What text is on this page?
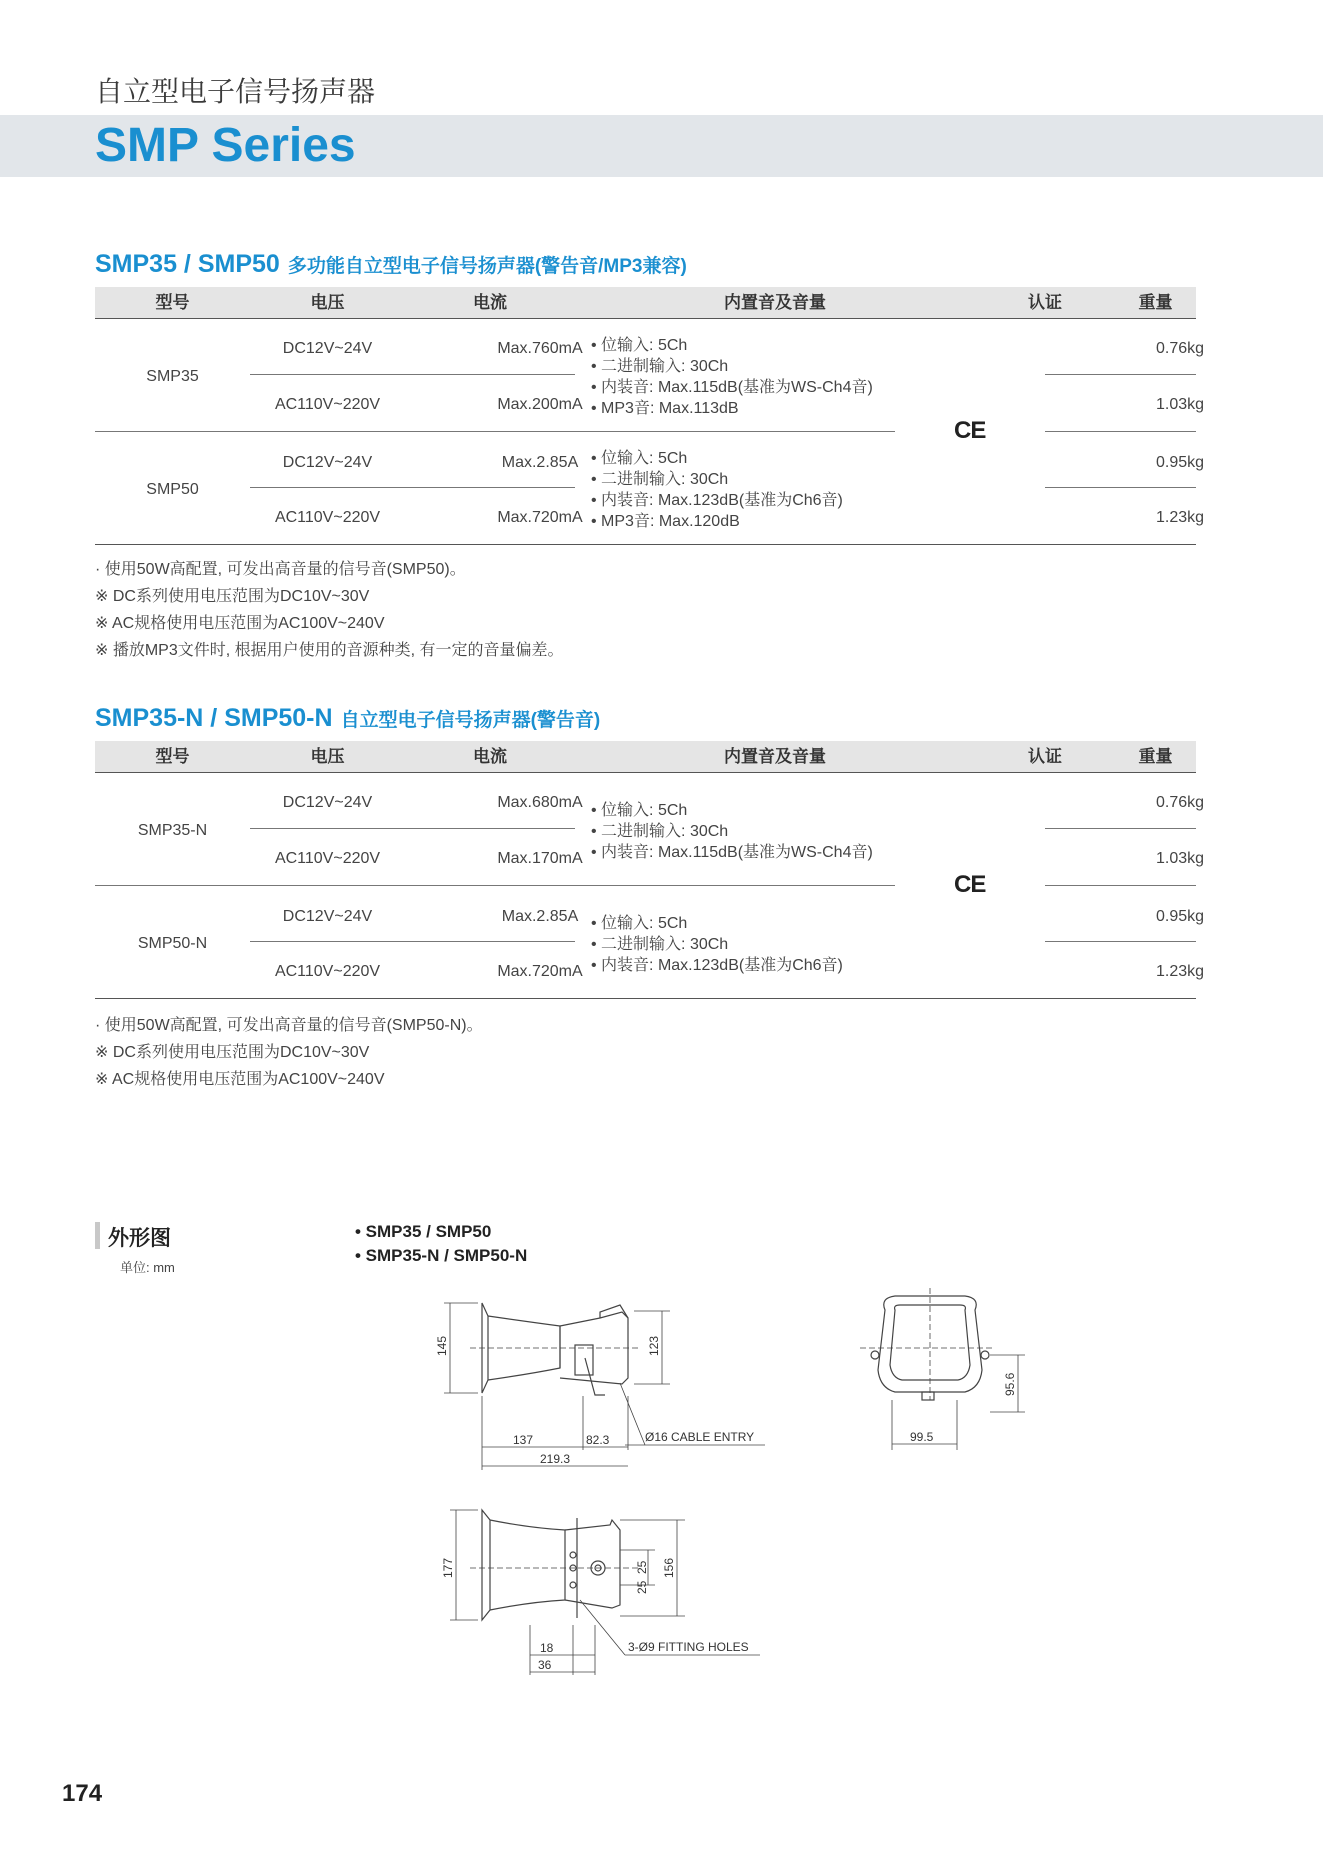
自立型电子信号扬声器
SMP Series
SMP35 / SMP50 多功能自立型电子信号扬声器(警告音/MP3兼容)
型号	电压	电流	内置音及音量	认证	重量
SMP35
DC12V~24V	Max.760mA	0.76kg
AC110V~220V	Max.200mA	1.03kg
• 位输入: 5Ch
• 二进制输入: 30Ch
• 内装音: Max.115dB(基准为WS-Ch4音)
• MP3音: Max.113dB
SMP50
DC12V~24V	Max.2.85A	0.95kg
AC110V~220V	Max.720mA	1.23kg
• 位输入: 5Ch
• 二进制输入: 30Ch
• 内装音: Max.123dB(基准为Ch6音)
• MP3音: Max.120dB
CE
· 使用50W高配置, 可发出高音量的信号音(SMP50)。
※ DC系列使用电压范围为DC10V~30V
※ AC规格使用电压范围为AC100V~240V
※ 播放MP3文件时, 根据用户使用的音源种类, 有一定的音量偏差。
SMP35-N / SMP50-N 自立型电子信号扬声器(警告音)
型号	电压	电流	内置音及音量	认证	重量
SMP35-N
DC12V~24V	Max.680mA	0.76kg
AC110V~220V	Max.170mA	1.03kg
• 位输入: 5Ch
• 二进制输入: 30Ch
• 内装音: Max.115dB(基准为WS-Ch4音)
SMP50-N
DC12V~24V	Max.2.85A	0.95kg
AC110V~220V	Max.720mA	1.23kg
• 位输入: 5Ch
• 二进制输入: 30Ch
• 内装音: Max.123dB(基准为Ch6音)
CE
· 使用50W高配置, 可发出高音量的信号音(SMP50-N)。
※ DC系列使用电压范围为DC10V~30V
※ AC规格使用电压范围为AC100V~240V
外形图
单位: mm
• SMP35 / SMP50
• SMP35-N / SMP50-N
145	123
137	82.3
219.3
Ø16 CABLE ENTRY
95.6
99.5
177	156
25
25
18
36
3-Ø9 FITTING HOLES
174
